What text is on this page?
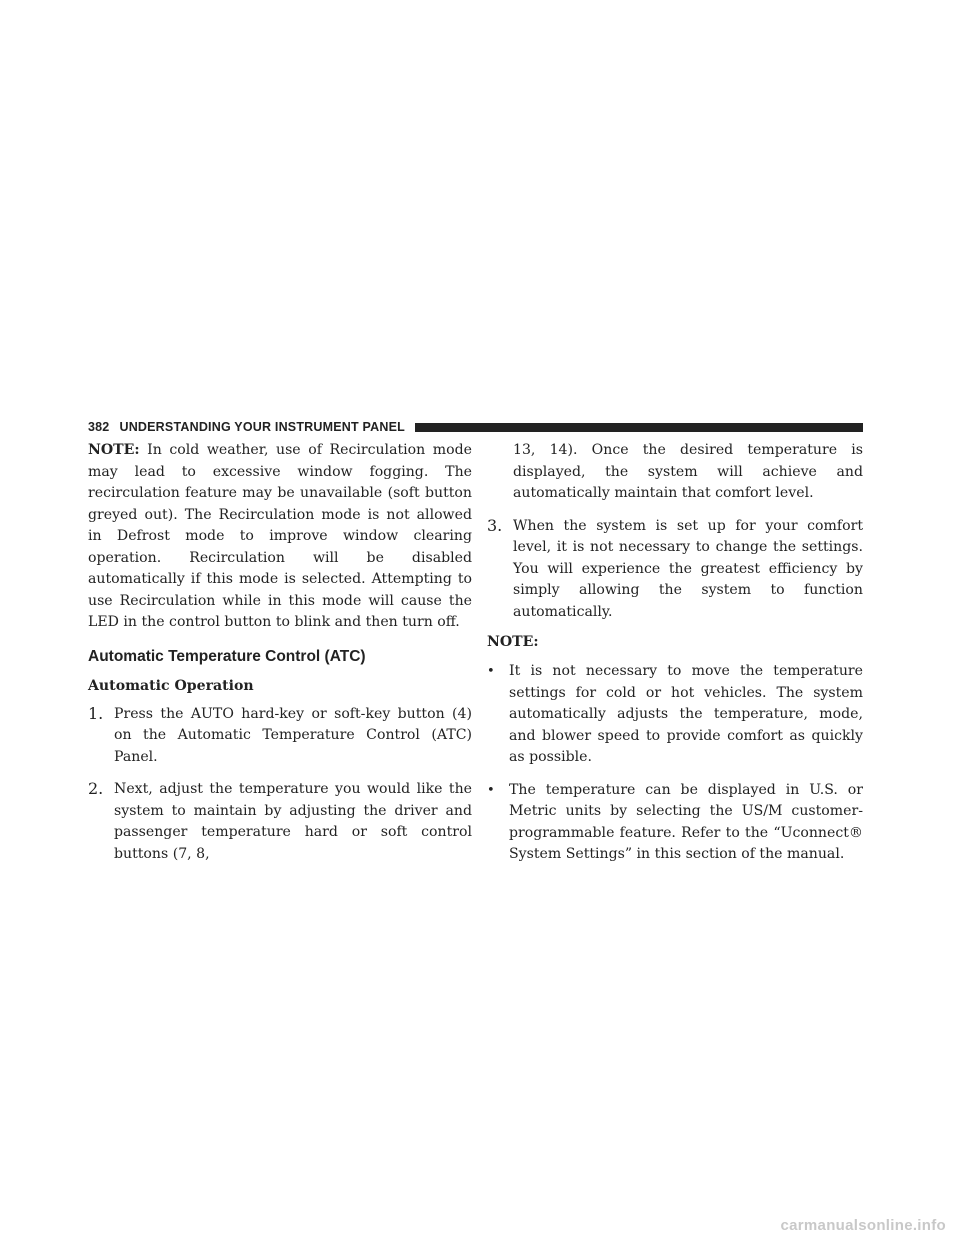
382 UNDERSTANDING YOUR INSTRUMENT PANEL

NOTE: In cold weather, use of Recirculation mode may lead to excessive window fogging. The recirculation feature may be unavailable (soft button greyed out). The Recirculation mode is not allowed in Defrost mode to improve window clearing operation. Recirculation will be disabled automatically if this mode is selected. Attempting to use Recirculation while in this mode will cause the LED in the control button to blink and then turn off.

Automatic Temperature Control (ATC)
Automatic Operation
1. Press the AUTO hard-key or soft-key button (4) on the Automatic Temperature Control (ATC) Panel.

2. Next, adjust the temperature you would like the system to maintain by adjusting the driver and passenger temperature hard or soft control buttons (7, 8,

13, 14). Once the desired temperature is displayed, the system will achieve and automatically maintain that comfort level.

3. When the system is set up for your comfort level, it is not necessary to change the settings. You will experience the greatest efficiency by simply allowing the system to function automatically.

NOTE:
• It is not necessary to move the temperature settings for cold or hot vehicles. The system automatically adjusts the temperature, mode, and blower speed to provide comfort as quickly as possible.

• The temperature can be displayed in U.S. or Metric units by selecting the US/M customer-programmable feature. Refer to the “Uconnect® System Settings” in this section of the manual.

carmanualsonline.info
